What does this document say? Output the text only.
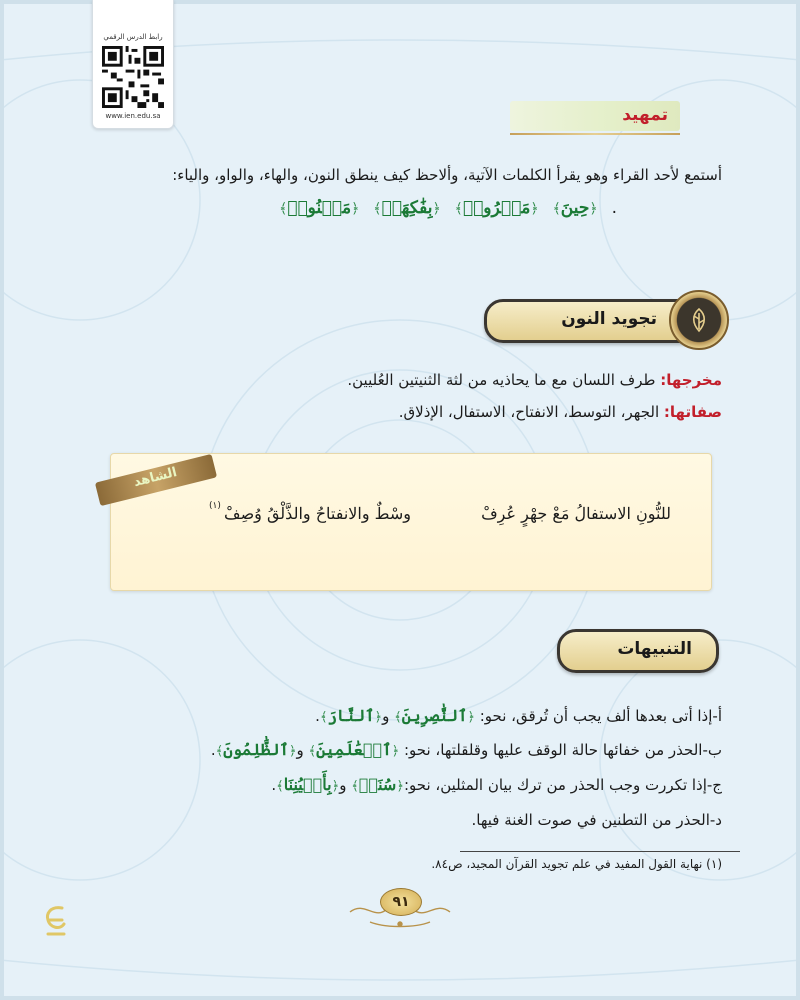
رابط الدرس الرقمي
www.ien.edu.sa	تمهيد
أستمع لأحد القراء وهو يقرأ الكلمات الآتية، وألاحظ كيف ينطق النون، والهاء، والواو، والياء:
﴿مَجۡنُونٞ﴾	﴿بِفَٰكِهَةٖ﴾	﴿مَهۡرُومٞ﴾	﴿حِينَ﴾	.
تجويد النون
مخرجها: طرف اللسان مع ما يحاذيه من لثة الثنيتين العُليين.
صفاتها: الجهر، التوسط، الانفتاح، الاستفال، الإذلاق.
للنُّونِ الاستفالُ مَعْ جهْرٍ عُرِفْ
وسْطٌ والانفتاحُ والذَّلْقُ وُصِفْ
(١)
الشاهد
التنبيهات
أ-إذا أتى بعدها ألف يجب أن تُرقق، نحو: ﴿ٱلنَّٰصِرِينَ﴾ و﴿ٱلنَّارَ﴾.
ب-الحذر من خفائها حالة الوقف عليها وقلقلتها، نحو: ﴿ٱلۡعَٰلَمِينَ﴾ و﴿ٱلظَّٰلِمُونَ﴾.
ج-إذا تكررت وجب الحذر من ترك بيان المثلين، نحو:﴿سُنَنٞ﴾ و﴿بِأَعۡيُنِنَا﴾.
د-الحذر من التطنين في صوت الغنة فيها.
(١) نهاية القول المفيد في علم تجويد القرآن المجيد، ص٨٤.
٩١
